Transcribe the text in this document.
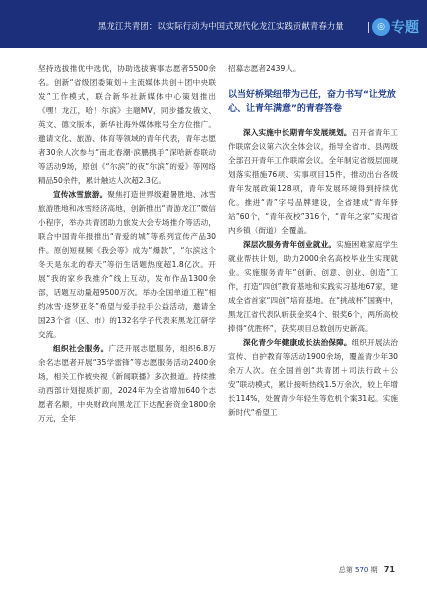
黑龙江共青团：以实际行动为中国式现代化龙江实践贡献青春力量	◎ 专题

坚持选拔推优中选优，协助选拔赛事志愿者5500余名。创新“省级团委策划＋主流媒体共创＋团中央联发”工作模式，联合新华社新媒体中心策划推出《嘿！龙江，哈！尔滨》主题MV，同步播发俄文、英文、德文版本，新华社海外媒体账号全方位推广。邀请文化、旅游、体育等领域的青年代表，青年志愿者30余人次参与“南北春潮·滨鹏携手”深哈新春联动等活动9场，原创《“尔滨”的夜“尔滨”的爱》等网络精品50余件，累计触达人次超2.3亿。

宣传冰雪旅游。聚焦打造世界级避暑胜地、冰雪旅游胜地和冰雪经济高地，创新推出“青游龙江”微信小程序，举办共青团助力旅发大会专场推介等活动，联合中国青年报推出“青爱的城”等系列宣传产品30件。原创短视频《我会等》成为“爆款”，“尔滨这个冬天是东北的春天”等衍生话题热度超1.8亿次。开展“我的家乡我推介”线上互动，发布作品1300余部，话题互动量超9500万次。举办全国单道工程“相约冰雪·逐梦亚冬”希望与爱手拉手公益活动，邀请全国23个省（区、市）的132名学子代表来黑龙江研学交流。

组织社会服务。广泛开展志愿服务，组织6.8万余名志愿者开展“35学雷锋”等志愿服务活动2400余场，相关工作被央视《新闻联播》多次报道。持续推动西部计划提质扩面，2024年为全省增加640个志愿者名额，中央财政向黑龙江下达配套资金1800余万元，全年

招募志愿者2439人。

以当好桥梁纽带为己任，奋力书写“让党放心、让青年满意”的青春答卷

深入实施中长期青年发展规划。召开省青年工作联席会议第六次全体会议，指导全省市、县两级全部召开青年工作联席会议。全年制定省级层面规划落实措施76项、实事项目15件，推动出台各级青年发展政策128项，青年发展环境得到持续优化。推进“青”字号品牌建设，全省建成“青年驿站”60个，“青年夜校”316个，“青年之家”实现省内乡镇（街道）全覆盖。

深层次服务青年创业就业。实施困难家庭学生就业帮扶计划，助力2000余名高校毕业生实现就业。实施服务青年“创新、创意、创业、创造”工作，打造“四创”教育基地和实践实习基地67家，建成全省首家“四创”培育基地。在“挑战杯”国赛中，黑龙江省代表队斩获金奖4个、银奖6个，两所高校捧得“优胜杯”，获奖项目总数创历史新高。

深化青少年健康成长法治保障。组织开展法治宣传、自护教育等活动1900余场，覆盖青少年30余万人次。在全国首创“共青团＋司法行政＋公安”联动模式，累计接听热线1.5万余次，较上年增长114%，处置青少年轻生等危机个案31起。实施新时代“希望工

总第 570 期 71
